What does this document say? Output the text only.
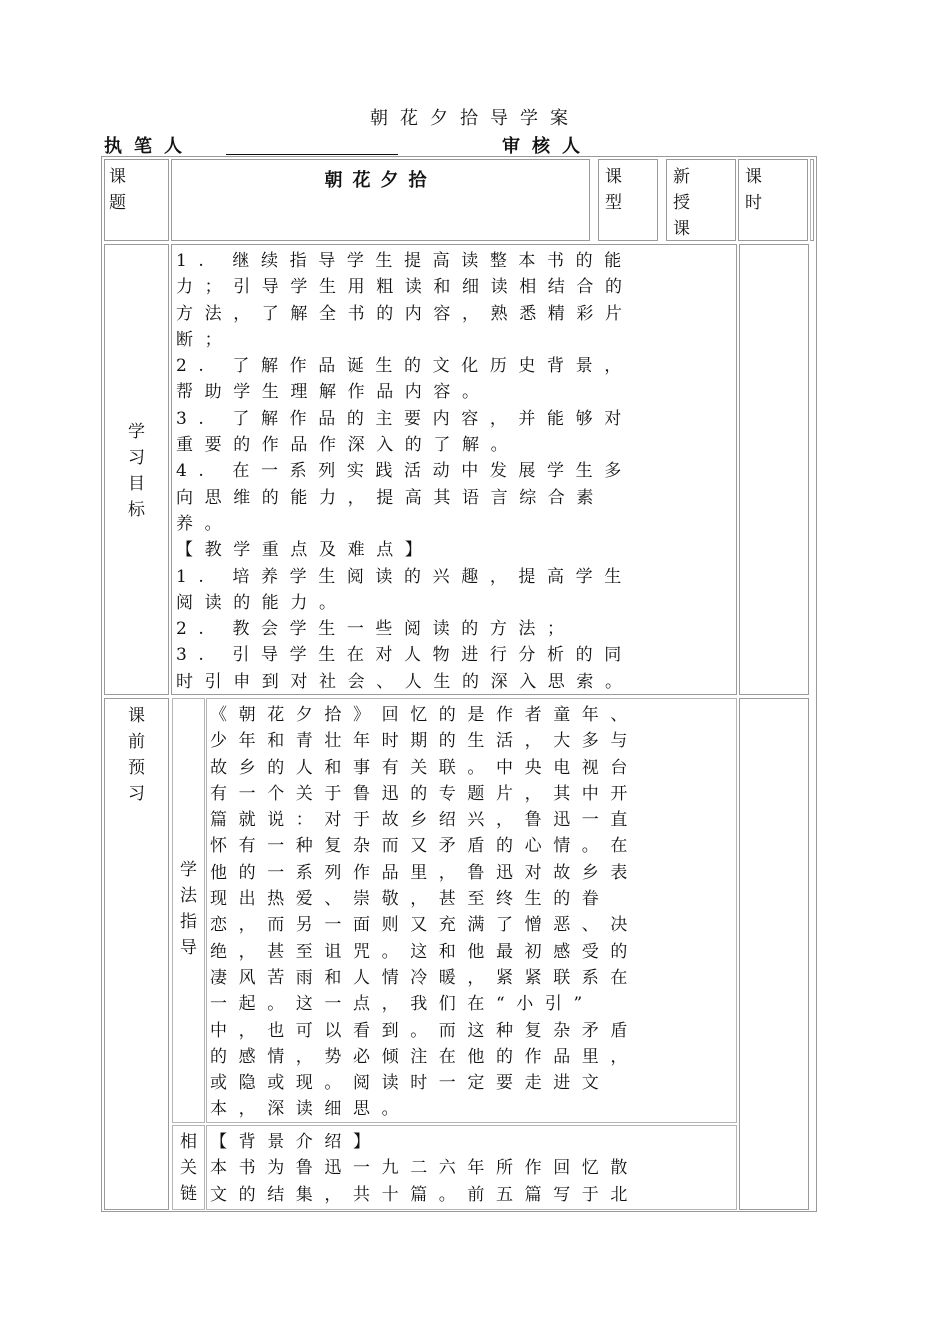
朝花夕拾导学案
执笔人	审核人
课题
朝花夕拾	课型
新授课
课时
学习目标
1. 继续指导学生提高读整本书的能
力；引导学生用粗读和细读相结合的
方法，了解全书的内容，熟悉精彩片
断；
2. 了解作品诞生的文化历史背景，
帮助学生理解作品内容。
3. 了解作品的主要内容，并能够对
重要的作品作深入的了解。
4. 在一系列实践活动中发展学生多
向思维的能力，提高其语言综合素
养。
【教学重点及难点】
1. 培养学生阅读的兴趣，提高学生
阅读的能力。
2. 教会学生一些阅读的方法；
3. 引导学生在对人物进行分析的同
时引申到对社会、人生的深入思索。
课前预习
学法指导
《朝花夕拾》回忆的是作者童年、
少年和青壮年时期的生活，大多与
故乡的人和事有关联。中央电视台
有一个关于鲁迅的专题片，其中开
篇就说：对于故乡绍兴，鲁迅一直
怀有一种复杂而又矛盾的心情。在
他的一系列作品里，鲁迅对故乡表
现出热爱、崇敬，甚至终生的眷
恋，而另一面则又充满了憎恶、决
绝，甚至诅咒。这和他最初感受的
凄风苦雨和人情冷暖，紧紧联系在
一起。这一点，我们在“小引”
中，也可以看到。而这种复杂矛盾
的感情，势必倾注在他的作品里，
或隐或现。阅读时一定要走进文
本，深读细思。
相关链
【背景介绍】
本书为鲁迅一九二六年所作回忆散
文的结集，共十篇。前五篇写于北
